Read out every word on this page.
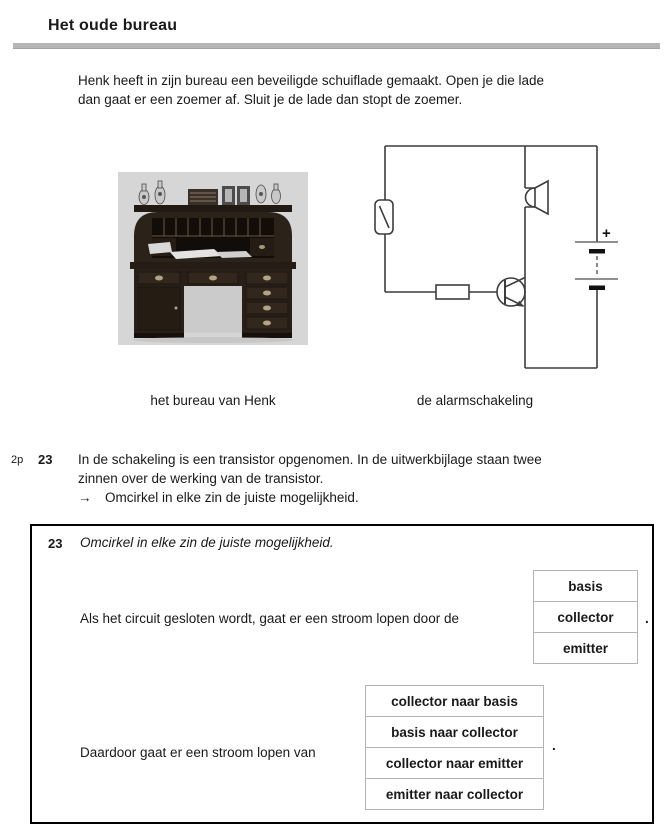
Het oude bureau
Henk heeft in zijn bureau een beveiligde schuiflade gemaakt. Open je die lade
dan gaat er een zoemer af. Sluit je de lade dan stopt de zoemer.
+
het bureau van Henk	de alarmschakeling
2p 23 In de schakeling is een transistor opgenomen. In de uitwerkbijlage staan twee
zinnen over de werking van de transistor.
→	Omcirkel in elke zin de juiste mogelijkheid.
23 Omcirkel in elke zin de juiste mogelijkheid.
Als het circuit gesloten wordt, gaat er een stroom lopen door de
basis
collector
emitter
.
Daardoor gaat er een stroom lopen van
collector naar basis
basis naar collector
collector naar emitter
emitter naar collector
.
